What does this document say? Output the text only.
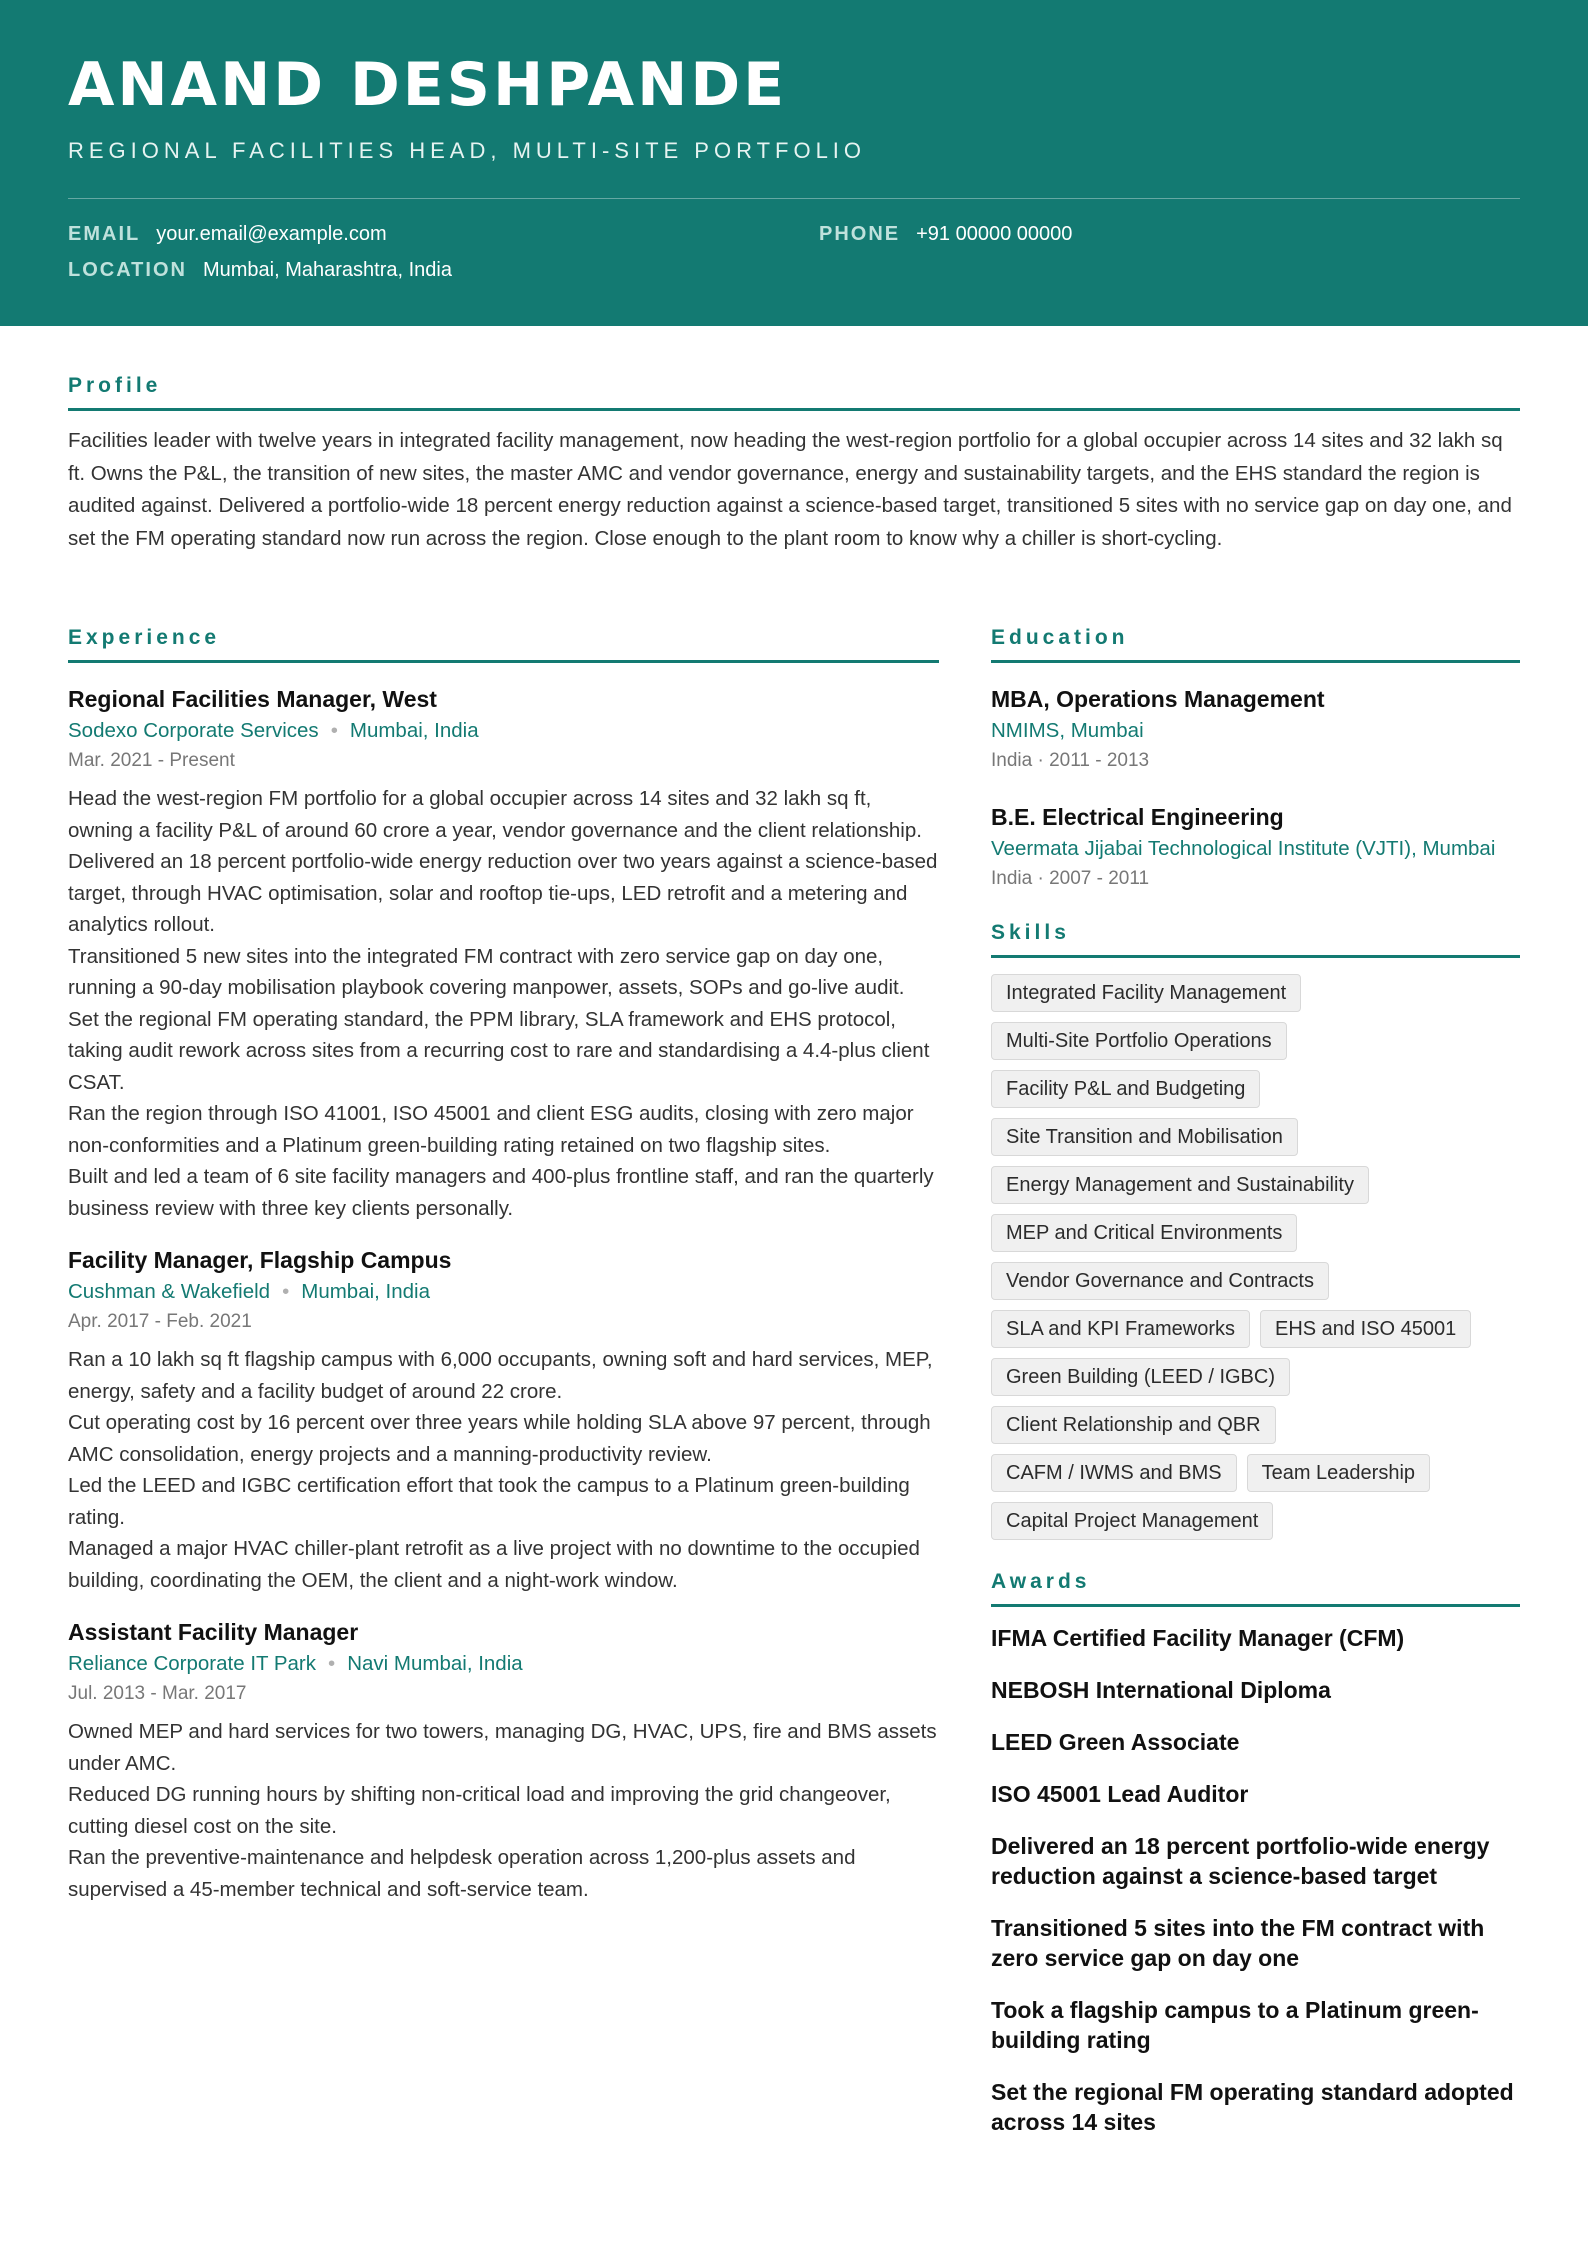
ANAND DESHPANDE
REGIONAL FACILITIES HEAD, MULTI-SITE PORTFOLIO
EMAIL your.email@example.com	PHONE +91 00000 00000
LOCATION Mumbai, Maharashtra, India
Profile

Facilities leader with twelve years in integrated facility management, now heading the west-region portfolio for a global occupier across 14 sites and 32 lakh sq ft. Owns the P&L, the transition of new sites, the master AMC and vendor governance, energy and sustainability targets, and the EHS standard the region is audited against. Delivered a portfolio-wide 18 percent energy reduction against a science-based target, transitioned 5 sites with no service gap on day one, and set the FM operating standard now run across the region. Close enough to the plant room to know why a chiller is short-cycling.

Experience
Regional Facilities Manager, West
Sodexo Corporate Services • Mumbai, India
Mar. 2021 - Present
Head the west-region FM portfolio for a global occupier across 14 sites and 32 lakh sq ft, owning a facility P&L of around 60 crore a year, vendor governance and the client relationship.
Delivered an 18 percent portfolio-wide energy reduction over two years against a science-based target, through HVAC optimisation, solar and rooftop tie-ups, LED retrofit and a metering and analytics rollout.
Transitioned 5 new sites into the integrated FM contract with zero service gap on day one, running a 90-day mobilisation playbook covering manpower, assets, SOPs and go-live audit.
Set the regional FM operating standard, the PPM library, SLA framework and EHS protocol, taking audit rework across sites from a recurring cost to rare and standardising a 4.4-plus client CSAT.
Ran the region through ISO 41001, ISO 45001 and client ESG audits, closing with zero major non-conformities and a Platinum green-building rating retained on two flagship sites.
Built and led a team of 6 site facility managers and 400-plus frontline staff, and ran the quarterly business review with three key clients personally.
Facility Manager, Flagship Campus
Cushman & Wakefield • Mumbai, India
Apr. 2017 - Feb. 2021
Ran a 10 lakh sq ft flagship campus with 6,000 occupants, owning soft and hard services, MEP, energy, safety and a facility budget of around 22 crore.
Cut operating cost by 16 percent over three years while holding SLA above 97 percent, through AMC consolidation, energy projects and a manning-productivity review.
Led the LEED and IGBC certification effort that took the campus to a Platinum green-building rating.
Managed a major HVAC chiller-plant retrofit as a live project with no downtime to the occupied building, coordinating the OEM, the client and a night-work window.
Assistant Facility Manager
Reliance Corporate IT Park • Navi Mumbai, India
Jul. 2013 - Mar. 2017
Owned MEP and hard services for two towers, managing DG, HVAC, UPS, fire and BMS assets under AMC.
Reduced DG running hours by shifting non-critical load and improving the grid changeover, cutting diesel cost on the site.
Ran the preventive-maintenance and helpdesk operation across 1,200-plus assets and supervised a 45-member technical and soft-service team.
Education
MBA, Operations Management
NMIMS, Mumbai
India · 2011 - 2013
B.E. Electrical Engineering
Veermata Jijabai Technological Institute (VJTI), Mumbai
India · 2007 - 2011
Skills
Integrated Facility Management
Multi-Site Portfolio Operations
Facility P&L and Budgeting
Site Transition and Mobilisation
Energy Management and Sustainability
MEP and Critical Environments
Vendor Governance and Contracts
SLA and KPI Frameworks	EHS and ISO 45001
Green Building (LEED / IGBC)
Client Relationship and QBR
CAFM / IWMS and BMS	Team Leadership
Capital Project Management
Awards
IFMA Certified Facility Manager (CFM)
NEBOSH International Diploma
LEED Green Associate
ISO 45001 Lead Auditor
Delivered an 18 percent portfolio-wide energy reduction against a science-based target
Transitioned 5 sites into the FM contract with zero service gap on day one
Took a flagship campus to a Platinum green-building rating
Set the regional FM operating standard adopted across 14 sites
